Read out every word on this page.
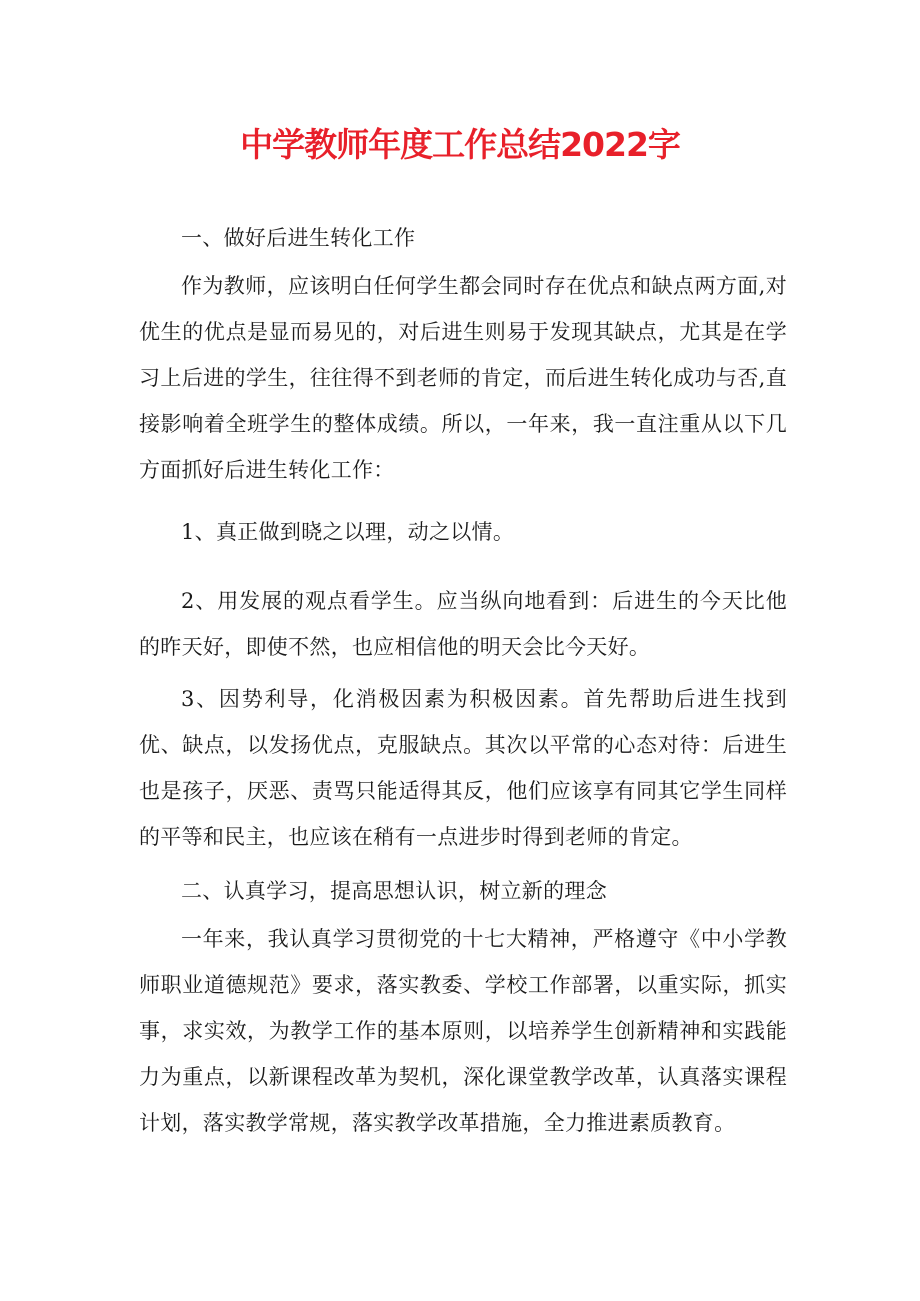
中学教师年度工作总结2022字

一、做好后进生转化工作

作为教师，应该明白任何学生都会同时存在优点和缺点两方面,对优生的优点是显而易见的，对后进生则易于发现其缺点，尤其是在学习上后进的学生，往往得不到老师的肯定，而后进生转化成功与否,直接影响着全班学生的整体成绩。所以，一年来，我一直注重从以下几方面抓好后进生转化工作：

1、真正做到晓之以理，动之以情。

2、用发展的观点看学生。应当纵向地看到：后进生的今天比他的昨天好，即使不然，也应相信他的明天会比今天好。

3、因势利导，化消极因素为积极因素。首先帮助后进生找到优、缺点，以发扬优点，克服缺点。其次以平常的心态对待：后进生也是孩子，厌恶、责骂只能适得其反，他们应该享有同其它学生同样的平等和民主，也应该在稍有一点进步时得到老师的肯定。

二、认真学习，提高思想认识，树立新的理念

一年来，我认真学习贯彻党的十七大精神，严格遵守《中小学教师职业道德规范》要求，落实教委、学校工作部署，以重实际，抓实事，求实效，为教学工作的基本原则，以培养学生创新精神和实践能力为重点，以新课程改革为契机，深化课堂教学改革，认真落实课程计划，落实教学常规，落实教学改革措施，全力推进素质教育。
